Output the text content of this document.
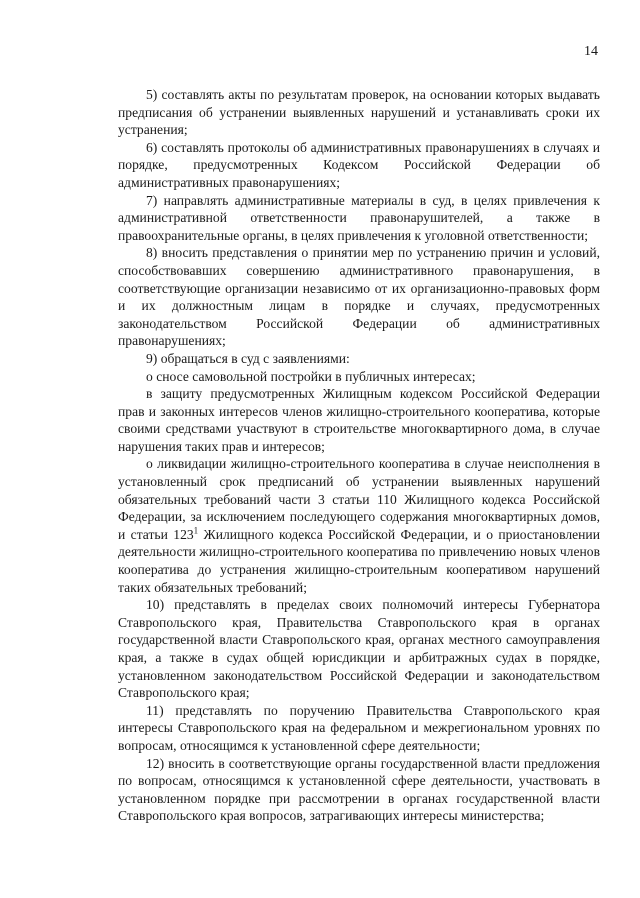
14

5) составлять акты по результатам проверок, на основании которых выдавать предписания об устранении выявленных нарушений и устанавливать сроки их устранения;

6) составлять протоколы об административных правонарушениях в случаях и порядке, предусмотренных Кодексом Российской Федерации об административных правонарушениях;

7) направлять административные материалы в суд, в целях привлечения к административной ответственности правонарушителей, а также в правоохранительные органы, в целях привлечения к уголовной ответственности;

8) вносить представления о принятии мер по устранению причин и условий, способствовавших совершению административного правонарушения, в соответствующие организации независимо от их организационно-правовых форм и их должностным лицам в порядке и случаях, предусмотренных законодательством Российской Федерации об административных правонарушениях;

9) обращаться в суд с заявлениями:

о сносе самовольной постройки в публичных интересах;

в защиту предусмотренных Жилищным кодексом Российской Федерации прав и законных интересов членов жилищно-строительного кооператива, которые своими средствами участвуют в строительстве многоквартирного дома, в случае нарушения таких прав и интересов;

о ликвидации жилищно-строительного кооператива в случае неисполнения в установленный срок предписаний об устранении выявленных нарушений обязательных требований части 3 статьи 110 Жилищного кодекса Российской Федерации, за исключением последующего содержания многоквартирных домов, и статьи $123^1$ Жилищного кодекса Российской Федерации, и о приостановлении деятельности жилищно-строительного кооператива по привлечению новых членов кооператива до устранения жилищно-строительным кооперативом нарушений таких обязательных требований;

10) представлять в пределах своих полномочий интересы Губернатора Ставропольского края, Правительства Ставропольского края в органах государственной власти Ставропольского края, органах местного самоуправления края, а также в судах общей юрисдикции и арбитражных судах в порядке, установленном законодательством Российской Федерации и законодательством Ставропольского края;

11) представлять по поручению Правительства Ставропольского края интересы Ставропольского края на федеральном и межрегиональном уровнях по вопросам, относящимся к установленной сфере деятельности;

12) вносить в соответствующие органы государственной власти предложения по вопросам, относящимся к установленной сфере деятельности, участвовать в установленном порядке при рассмотрении в органах государственной власти Ставропольского края вопросов, затрагивающих интересы министерства;
